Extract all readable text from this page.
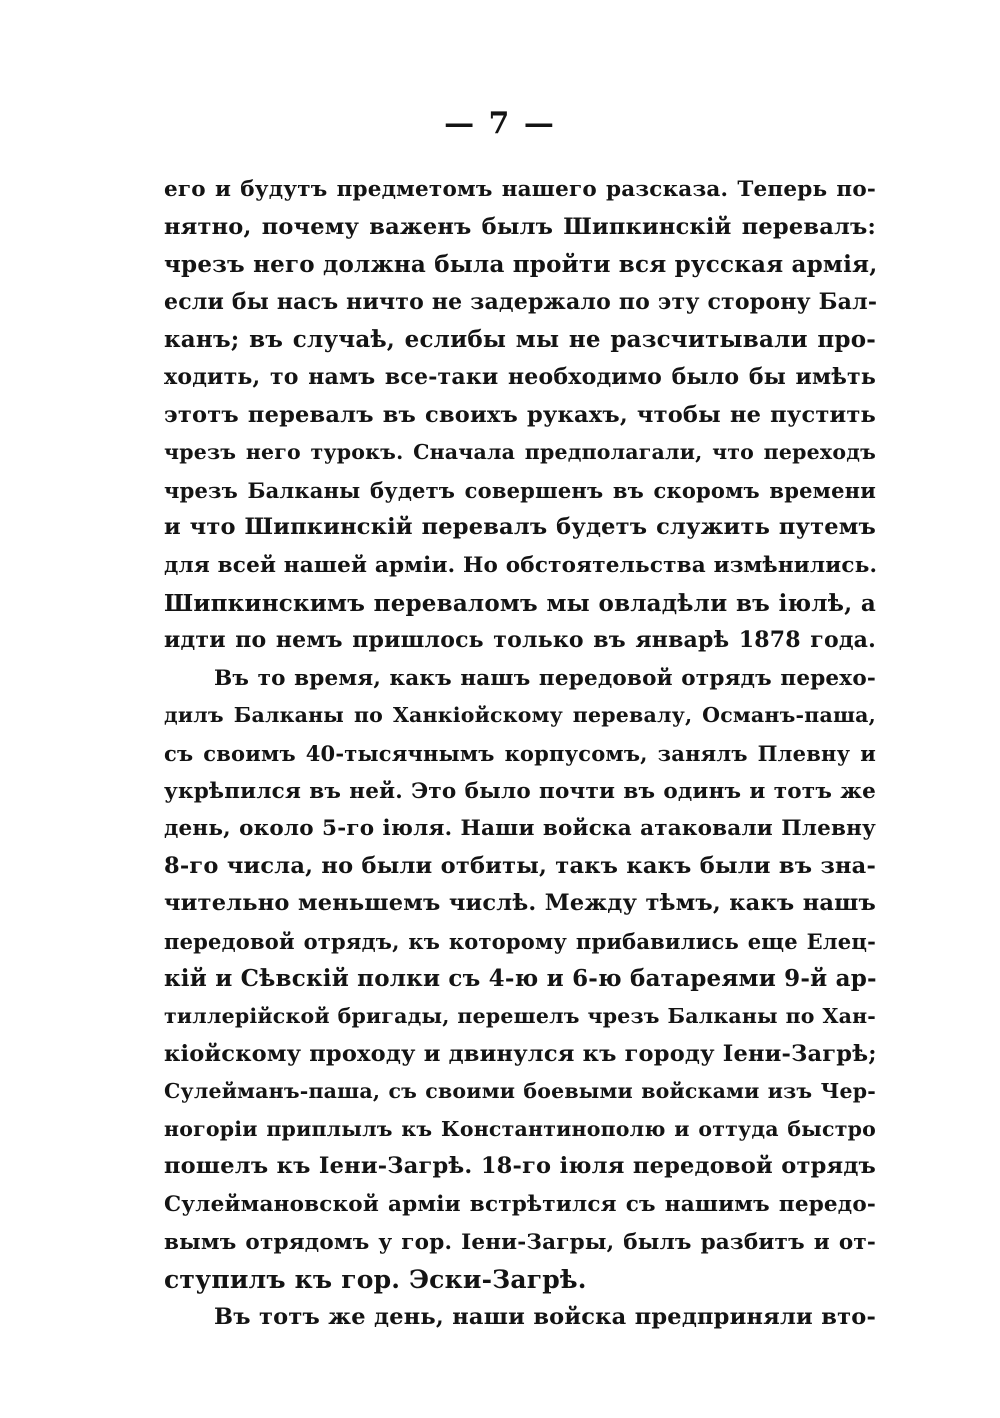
— 7 —
его и будутъ предметомъ нашего разсказа. Теперь по-
нятно, почему важенъ былъ Шипкинскій перевалъ:
чрезъ него должна была пройти вся русская армія,
если бы насъ ничто не задержало по эту сторону Бал-
канъ; въ случаѣ, еслибы мы не разсчитывали про-
ходить, то намъ все-таки необходимо было бы имѣть
этотъ перевалъ въ своихъ рукахъ, чтобы не пустить
чрезъ него турокъ. Сначала предполагали, что переходъ
чрезъ Балканы будетъ совершенъ въ скоромъ времени
и что Шипкинскій перевалъ будетъ служить путемъ
для всей нашей арміи. Но обстоятельства измѣнились.
Шипкинскимъ переваломъ мы овладѣли въ іюлѣ, а
идти по немъ пришлось только въ январѣ 1878 года.
Въ то время, какъ нашъ передовой отрядъ перехо-
дилъ Балканы по Ханкіойскому перевалу, Османъ-паша,
съ своимъ 40-тысячнымъ корпусомъ, занялъ Плевну и
укрѣпился въ ней. Это было почти въ одинъ и тотъ же
день, около 5-го іюля. Наши войска атаковали Плевну
8-го числа, но были отбиты, такъ какъ были въ зна-
чительно меньшемъ числѣ. Между тѣмъ, какъ нашъ
передовой отрядъ, къ которому прибавились еще Елец-
кій и Сѣвскій полки съ 4-ю и 6-ю батареями 9-й ар-
тиллерійской бригады, перешелъ чрезъ Балканы по Хан-
кіойскому проходу и двинулся къ городу Іени-Загрѣ;
Сулейманъ-паша, съ своими боевыми войсками изъ Чер-
ногоріи приплылъ къ Константинополю и оттуда быстро
пошелъ къ Іени-Загрѣ. 18-го іюля передовой отрядъ
Сулеймановской арміи встрѣтился съ нашимъ передо-
вымъ отрядомъ у гор. Іени-Загры, былъ разбитъ и от-
ступилъ къ гор. Эски-Загрѣ.
Въ тотъ же день, наши войска предприняли вто-
